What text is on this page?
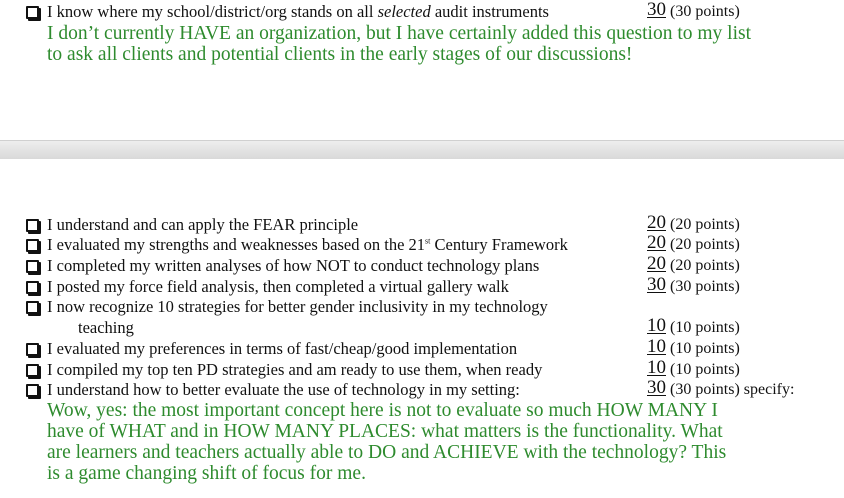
I know where my school/district/org stands on all selected audit instruments	30 (30 points)
I don’t currently HAVE an organization, but I have certainly added this question to my list
to ask all clients and potential clients in the early stages of our discussions!
I understand and can apply the FEAR principle	20 (20 points)
I evaluated my strengths and weaknesses based on the 21st Century Framework	20 (20 points)
I completed my written analyses of how NOT to conduct technology plans	20 (20 points)
I posted my force field analysis, then completed a virtual gallery walk	30 (30 points)
I now recognize 10 strategies for better gender inclusivity in my technology
teaching	10 (10 points)
I evaluated my preferences in terms of fast/cheap/good implementation	10 (10 points)
I compiled my top ten PD strategies and am ready to use them, when ready	10 (10 points)
I understand how to better evaluate the use of technology in my setting:	30 (30 points) specify:
Wow, yes: the most important concept here is not to evaluate so much HOW MANY I
have of WHAT and in HOW MANY PLACES: what matters is the functionality. What
are learners and teachers actually able to DO and ACHIEVE with the technology? This
is a game changing shift of focus for me.
